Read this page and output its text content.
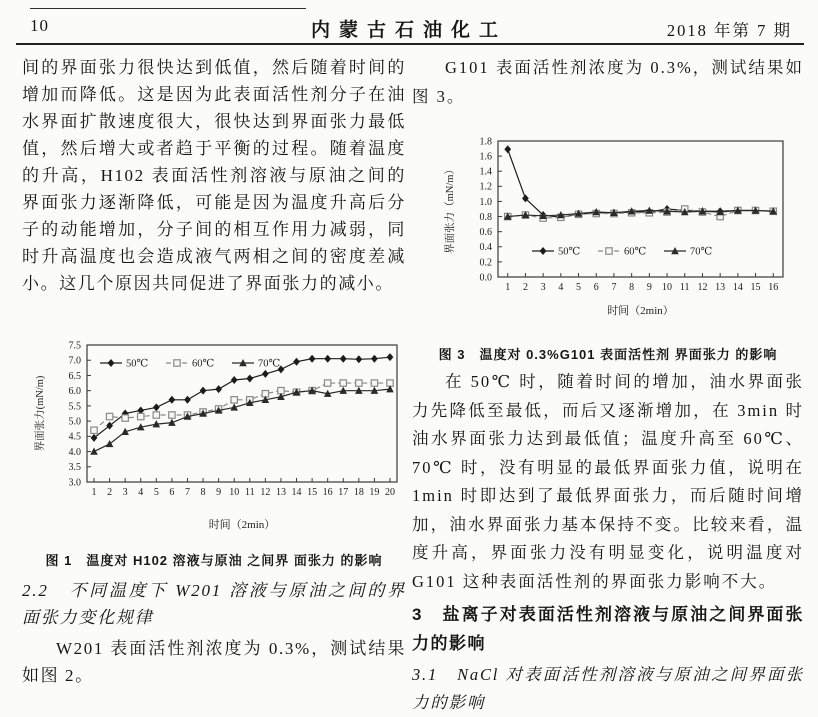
10	内蒙古石油化工	2018 年第 7 期

间的界面张力很快达到低值，然后随着时间的增加而降低。这是因为此表面活性剂分子在油水界面扩散速度很大，很快达到界面张力最低值，然后增大或者趋于平衡的过程。随着温度的升高，H102 表面活性剂溶液与原油之间的界面张力逐渐降低，可能是因为温度升高后分子的动能增加，分子间的相互作用力减弱，同时升高温度也会造成液气两相之间的密度差减小。这几个原因共同促进了界面张力的减小。

3.0
3.5
4.0
4.5
5.0
5.5
6.0
6.5
7.0
7.5
1 2 3 4 5 6 7 8 9 10 11 12 13 14 15 16 17 18 19 20
时间（2min）
界面张力(mN/m)
50℃	60℃	70℃

图 1　温度对 H102 溶液与原油 之间界 面张力 的影响

2.2　不同温度下 W201 溶液与原油之间的界面张力变化规律

W201 表面活性剂浓度为 0.3%，测试结果如图 2。

G101 表面活性剂浓度为 0.3%，测试结果如图 3。

0.0
0.2
0.4
0.6
0.8
1.0
1.2
1.4
1.6
1.8
1 2 3 4 5 6 7 8 9 10 11 12 13 14 15 16
时间（2min）
界面张力（mN/m）	50℃	60℃	70℃

图 3　温度对 0.3%G101 表面活性剂 界面张力 的影响

在 50℃ 时，随着时间的增加，油水界面张力先降低至最低，而后又逐渐增加，在 3min 时油水界面张力达到最低值；温度升高至 60℃、70℃ 时，没有明显的最低界面张力值，说明在 1min 时即达到了最低界面张力，而后随时间增加，油水界面张力基本保持不变。比较来看，温度升高，界面张力没有明显变化，说明温度对 G101 这种表面活性剂的界面张力影响不大。

3　盐离子对表面活性剂溶液与原油之间界面张力的影响

3.1　NaCl 对表面活性剂溶液与原油之间界面张力的影响
